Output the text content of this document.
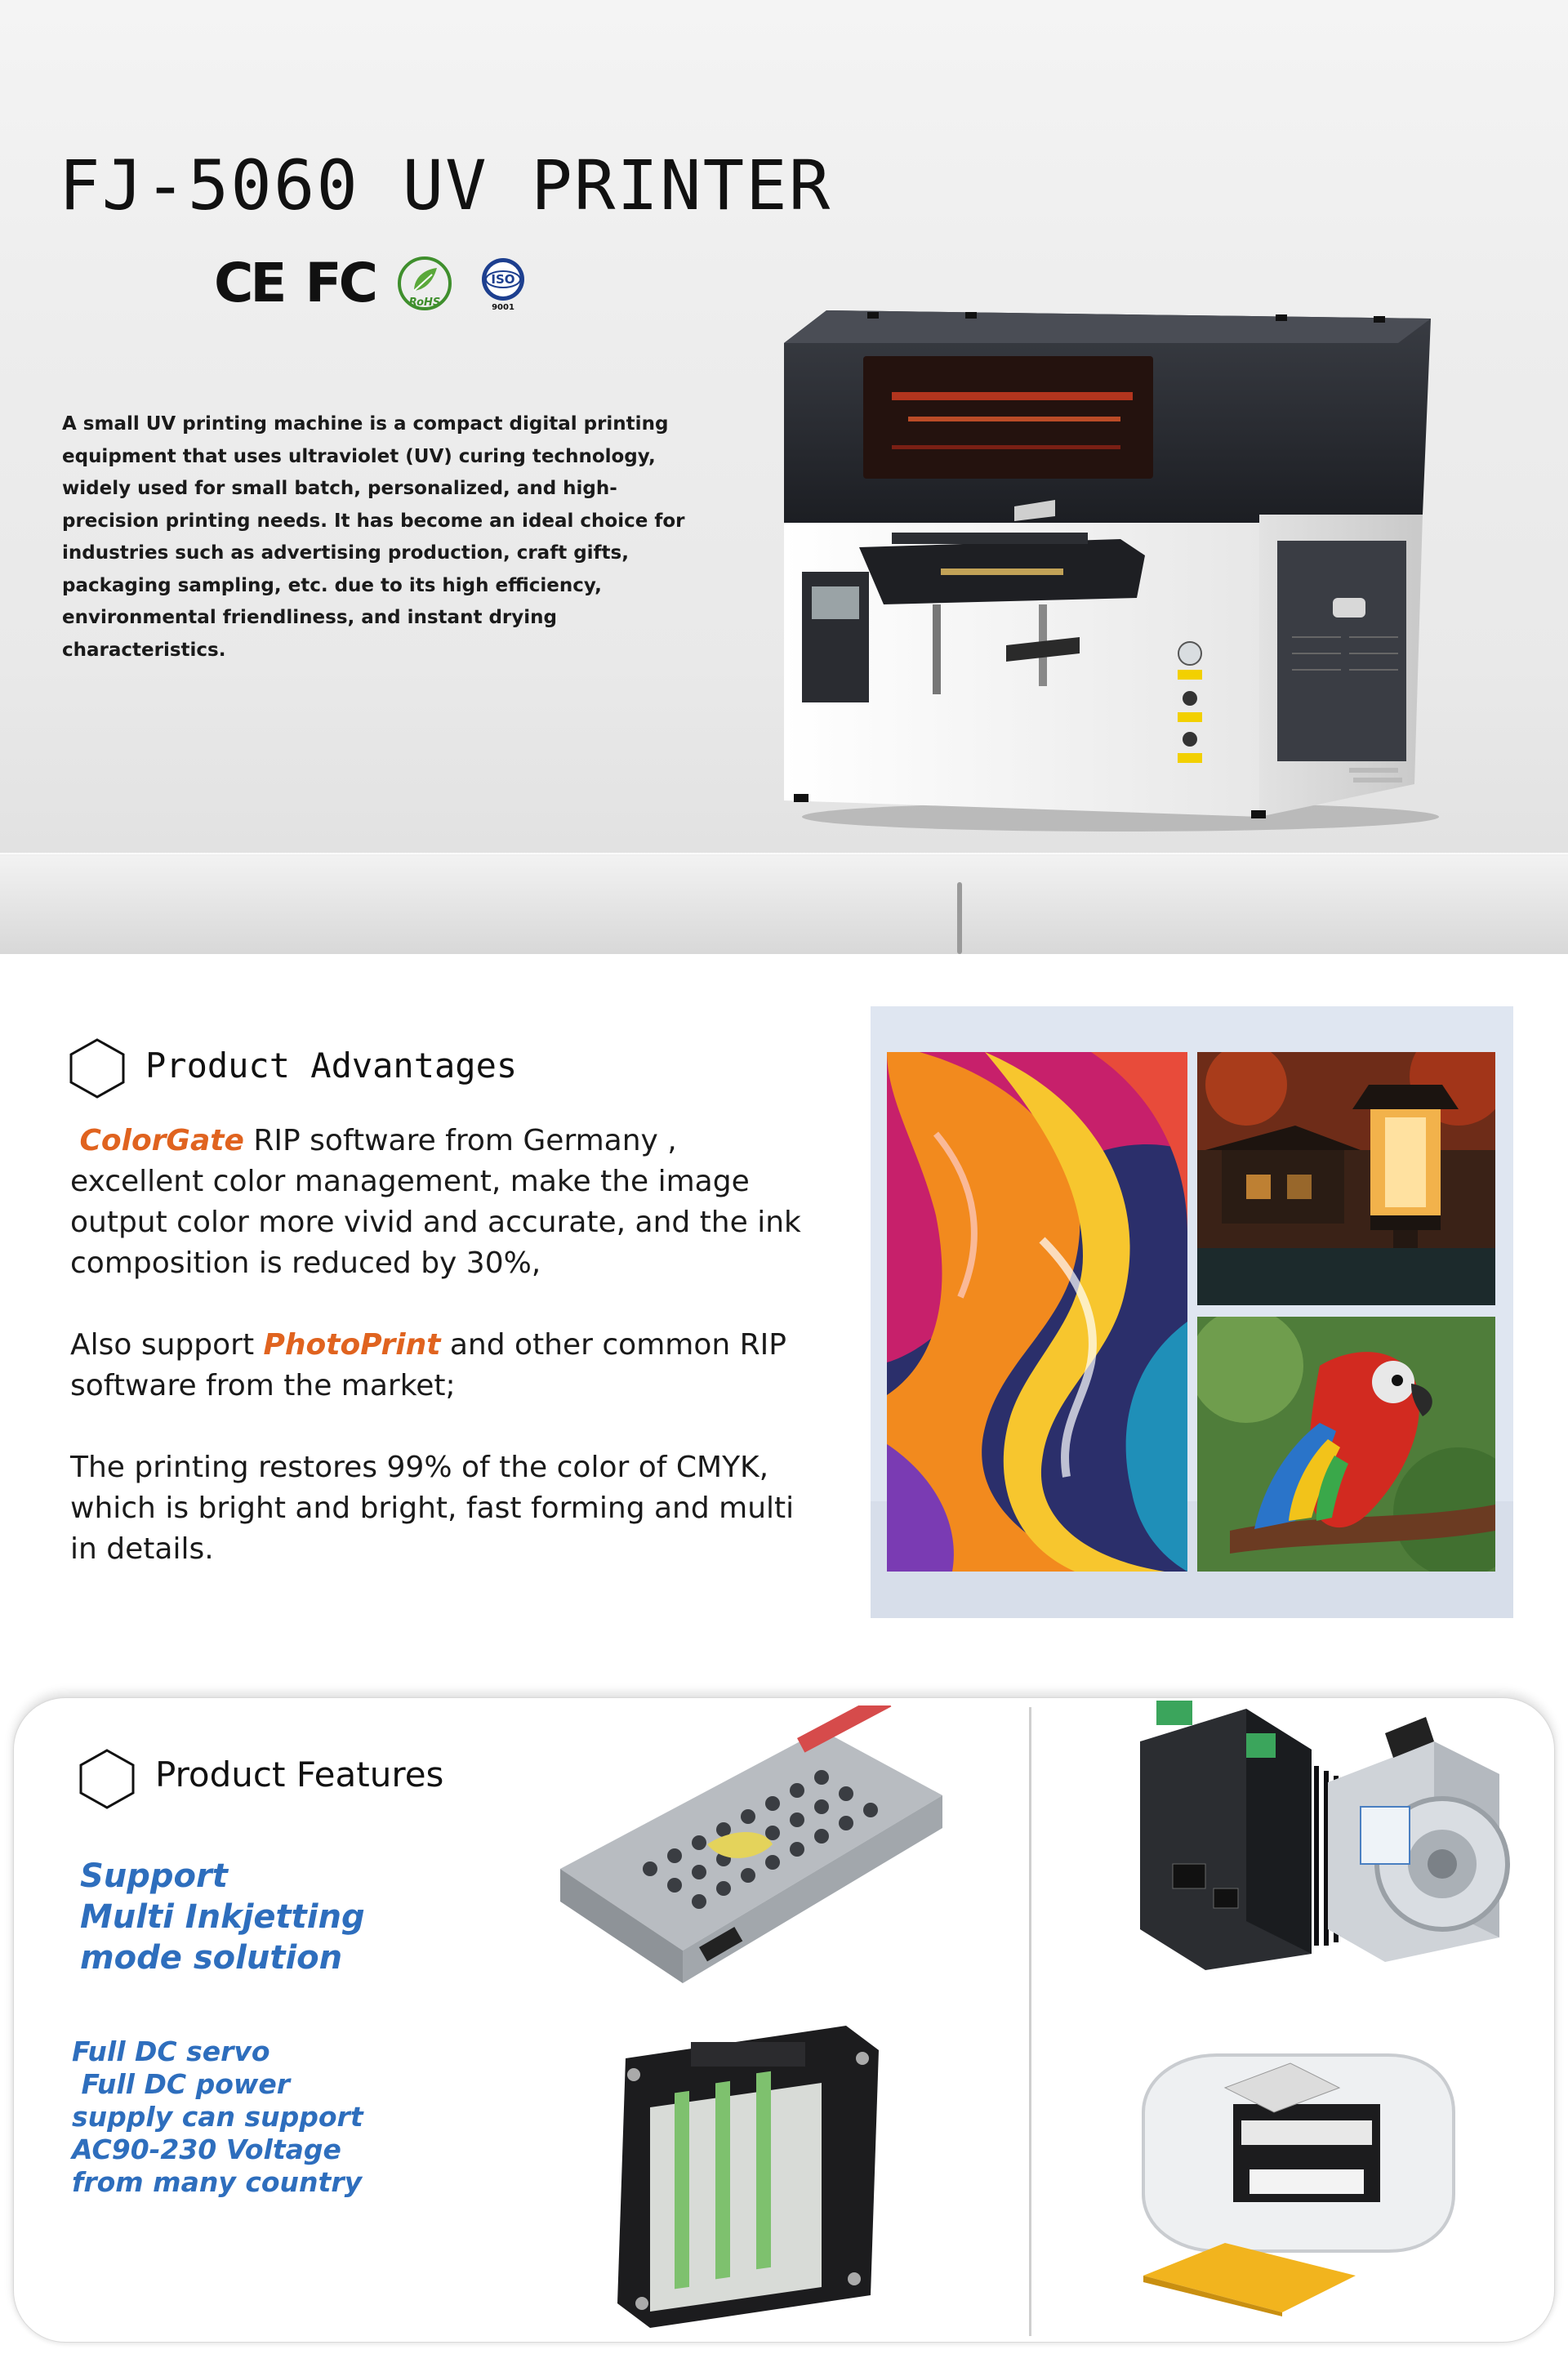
FJ-5060 UV PRINTER
CE FC	RoHS
ISO
9001

A small UV printing machine is a compact digital printing equipment that uses ultraviolet (UV) curing technology, widely used for small batch, personalized, and high-precision printing needs. It has become an ideal choice for industries such as advertising production, craft gifts, packaging sampling, etc. due to its high efficiency, environmental friendliness, and instant drying characteristics.

Product Advantages

ColorGate RIP software from Germany , excellent color management, make the image output color more vivid and accurate, and the ink composition is reduced by 30%,

Also support PhotoPrint and other common RIP software from the market;

The printing restores 99% of the color of CMYK, which is bright and bright, fast forming and multi in details.

Product Features

Support
Multi Inkjetting
mode solution

Full DC servo
Full DC power
supply can support
AC90-230 Voltage
from many country
